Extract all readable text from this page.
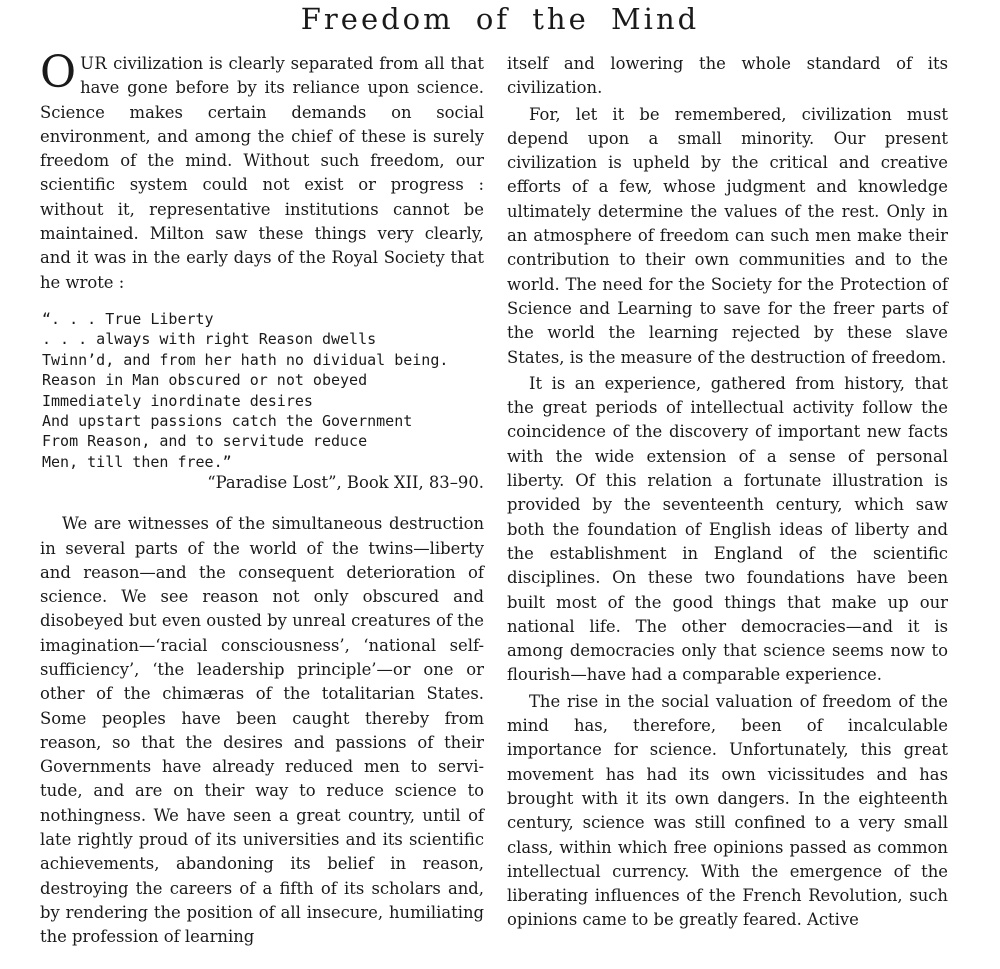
Freedom of the Mind

OUR civilization is clearly separated from all that have gone before by its reliance upon science. Science makes certain demands on social environment, and among the chief of these is surely freedom of the mind. Without such freedom, our scientific system could not exist or progress : without it, representative institutions cannot be maintained. Milton saw these things very clearly, and it was in the early days of the Royal Society that he wrote :

“. . . True Liberty
. . . always with right Reason dwells
Twinn’d, and from her hath no dividual being.
Reason in Man obscured or not obeyed
Immediately inordinate desires
And upstart passions catch the Government
From Reason, and to servitude reduce
Men, till then free.”

“Paradise Lost”, Book XII, 83–90.

We are witnesses of the simultaneous destruction in several parts of the world of the twins—liberty and reason—and the consequent deterioration of science. We see reason not only obscured and disobeyed but even ousted by unreal creatures of the imagination—‘racial consciousness’, ‘national self-sufficiency’, ‘the leadership principle’—or one or other of the chimæras of the totalitarian States. Some peoples have been caught thereby from reason, so that the desires and passions of their Governments have already reduced men to servitude, and are on their way to reduce science to nothingness. We have seen a great country, until of late rightly proud of its universities and its scientific achievements, abandoning its belief in reason, destroying the careers of a fifth of its scholars and, by rendering the position of all insecure, humiliating the profession of learning

itself and lowering the whole standard of its civilization.

For, let it be remembered, civilization must depend upon a small minority. Our present civilization is upheld by the critical and creative efforts of a few, whose judgment and knowledge ultimately determine the values of the rest. Only in an atmosphere of freedom can such men make their contribution to their own communities and to the world. The need for the Society for the Protection of Science and Learning to save for the freer parts of the world the learning rejected by these slave States, is the measure of the destruction of freedom.

It is an experience, gathered from history, that the great periods of intellectual activity follow the coincidence of the discovery of important new facts with the wide extension of a sense of personal liberty. Of this relation a fortunate illustration is provided by the seventeenth century, which saw both the foundation of English ideas of liberty and the establishment in England of the scientific disciplines. On these two foundations have been built most of the good things that make up our national life. The other democracies—and it is among democracies only that science seems now to flourish—have had a comparable experience.

The rise in the social valuation of freedom of the mind has, therefore, been of incalculable importance for science. Unfortunately, this great movement has had its own vicissitudes and has brought with it its own dangers. In the eighteenth century, science was still confined to a very small class, within which free opinions passed as common intellectual currency. With the emergence of the liberating influences of the French Revolution, such opinions came to be greatly feared. Active
